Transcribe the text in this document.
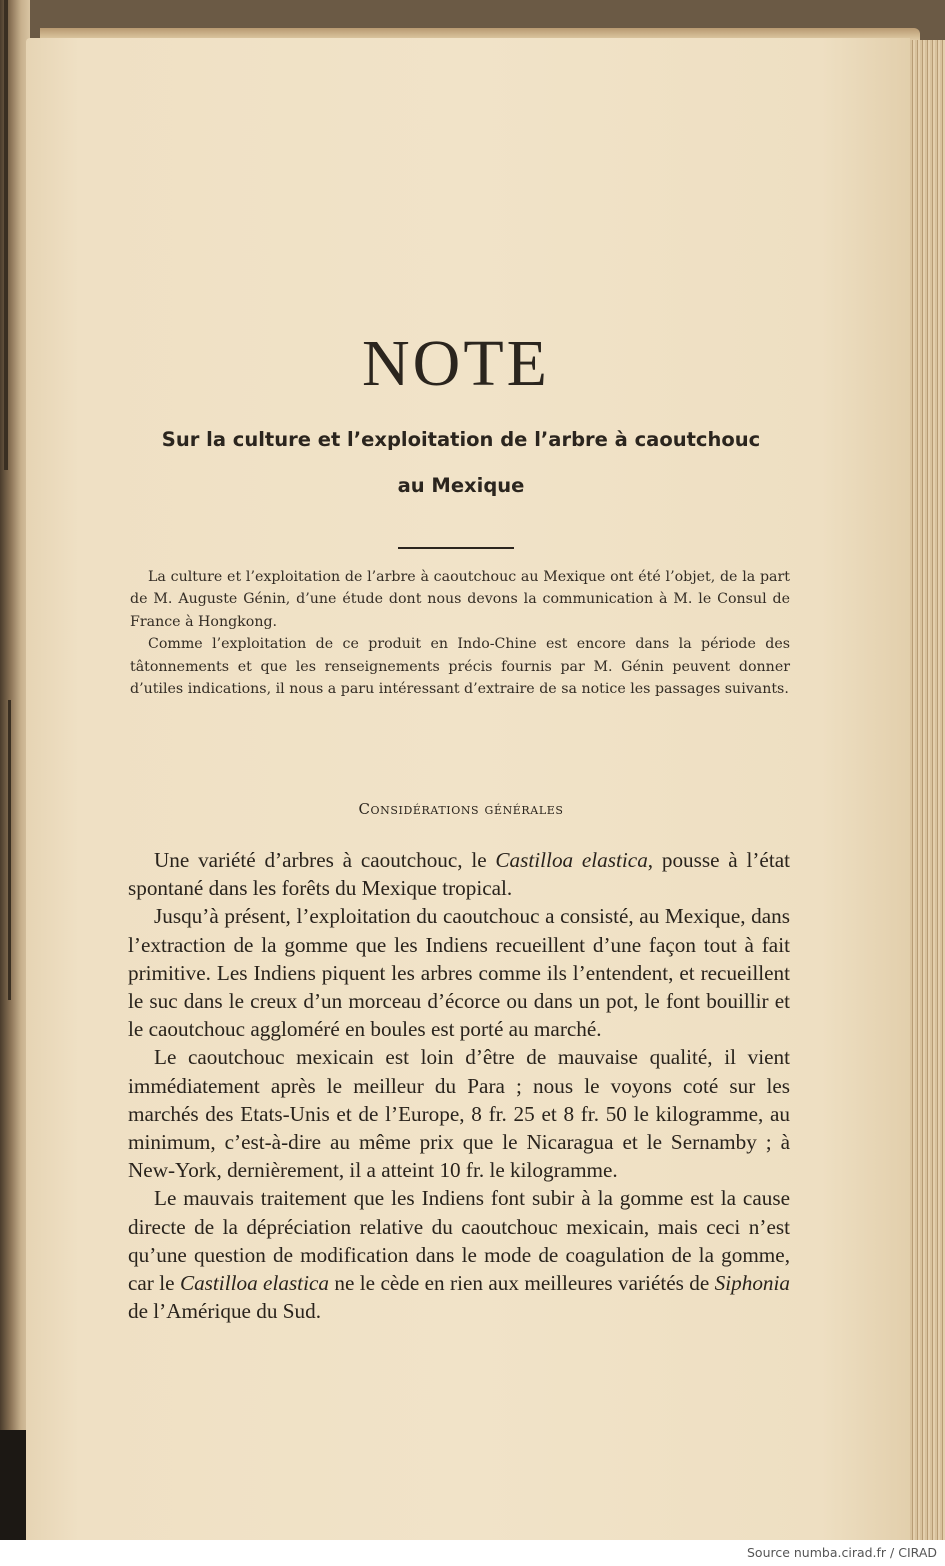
NOTE
Sur la culture et l’exploitation de l’arbre à caoutchouc
au Mexique

La culture et l’exploitation de l’arbre à caoutchouc au Mexique ont été l’objet, de la part de M. Auguste Génin, d’une étude dont nous devons la communication à M. le Consul de France à Hongkong.

Comme l’exploitation de ce produit en Indo-Chine est encore dans la période des tâtonnements et que les renseignements précis fournis par M. Génin peuvent donner d’utiles indications, il nous a paru intéressant d’extraire de sa notice les passages suivants.

Considérations générales

Une variété d’arbres à caoutchouc, le Castilloa elastica, pousse à l’état spontané dans les forêts du Mexique tropical.

Jusqu’à présent, l’exploitation du caoutchouc a consisté, au Mexique, dans l’extraction de la gomme que les Indiens recueillent d’une façon tout à fait primitive. Les Indiens piquent les arbres comme ils l’entendent, et recueillent le suc dans le creux d’un morceau d’écorce ou dans un pot, le font bouillir et le caoutchouc aggloméré en boules est porté au marché.

Le caoutchouc mexicain est loin d’être de mauvaise qualité, il vient immédiatement après le meilleur du Para ; nous le voyons coté sur les marchés des Etats-Unis et de l’Europe, 8 fr. 25 et 8 fr. 50 le kilogramme, au minimum, c’est-à-dire au même prix que le Nicaragua et le Sernamby ; à New-York, dernièrement, il a atteint 10 fr. le kilogramme.

Le mauvais traitement que les Indiens font subir à la gomme est la cause directe de la dépréciation relative du caoutchouc mexicain, mais ceci n’est qu’une question de modification dans le mode de coagulation de la gomme, car le Castilloa elastica ne le cède en rien aux meilleures variétés de Siphonia de l’Amérique du Sud.

Source numba.cirad.fr / CIRAD
